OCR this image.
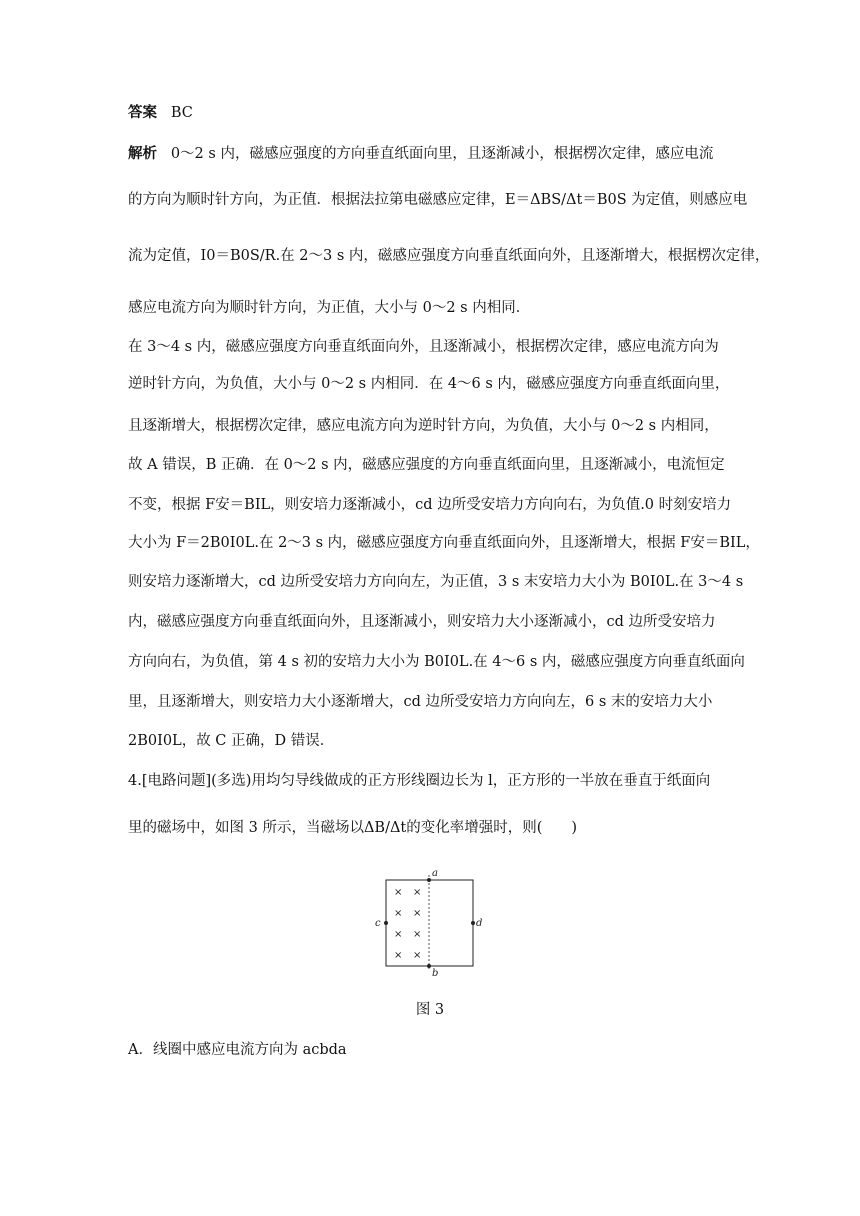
答案 BC
解析 0～2 s 内，磁感应强度的方向垂直纸面向里，且逐渐减小，根据楞次定律，感应电流
的方向为顺时针方向，为正值．根据法拉第电磁感应定律，E＝ΔBS/Δt＝B0S 为定值，则感应电
流为定值，I0＝B0S/R.在 2～3 s 内，磁感应强度方向垂直纸面向外，且逐渐增大，根据楞次定律，
感应电流方向为顺时针方向，为正值，大小与 0～2 s 内相同．
在 3～4 s 内，磁感应强度方向垂直纸面向外，且逐渐减小，根据楞次定律，感应电流方向为
逆时针方向，为负值，大小与 0～2 s 内相同．在 4～6 s 内，磁感应强度方向垂直纸面向里，
且逐渐增大，根据楞次定律，感应电流方向为逆时针方向，为负值，大小与 0～2 s 内相同，
故 A 错误，B 正确．在 0～2 s 内，磁感应强度的方向垂直纸面向里，且逐渐减小，电流恒定
不变，根据 F安＝BIL，则安培力逐渐减小，cd 边所受安培力方向向右，为负值.0 时刻安培力
大小为 F＝2B0I0L.在 2～3 s 内，磁感应强度方向垂直纸面向外，且逐渐增大，根据 F安＝BIL，
则安培力逐渐增大，cd 边所受安培力方向向左，为正值，3 s 末安培力大小为 B0I0L.在 3～4 s
内，磁感应强度方向垂直纸面向外，且逐渐减小，则安培力大小逐渐减小，cd 边所受安培力
方向向右，为负值，第 4 s 初的安培力大小为 B0I0L.在 4～6 s 内，磁感应强度方向垂直纸面向
里，且逐渐增大，则安培力大小逐渐增大，cd 边所受安培力方向向左，6 s 末的安培力大小
2B0I0L，故 C 正确，D 错误．
4.[电路问题](多选)用均匀导线做成的正方形线圈边长为 l，正方形的一半放在垂直于纸面向
里的磁场中，如图 3 所示，当磁场以ΔB/Δt的变化率增强时，则(　　)
× ×
× ×
× ×
× ×
a
b
c	d
图 3
A．线圈中感应电流方向为 acbda
